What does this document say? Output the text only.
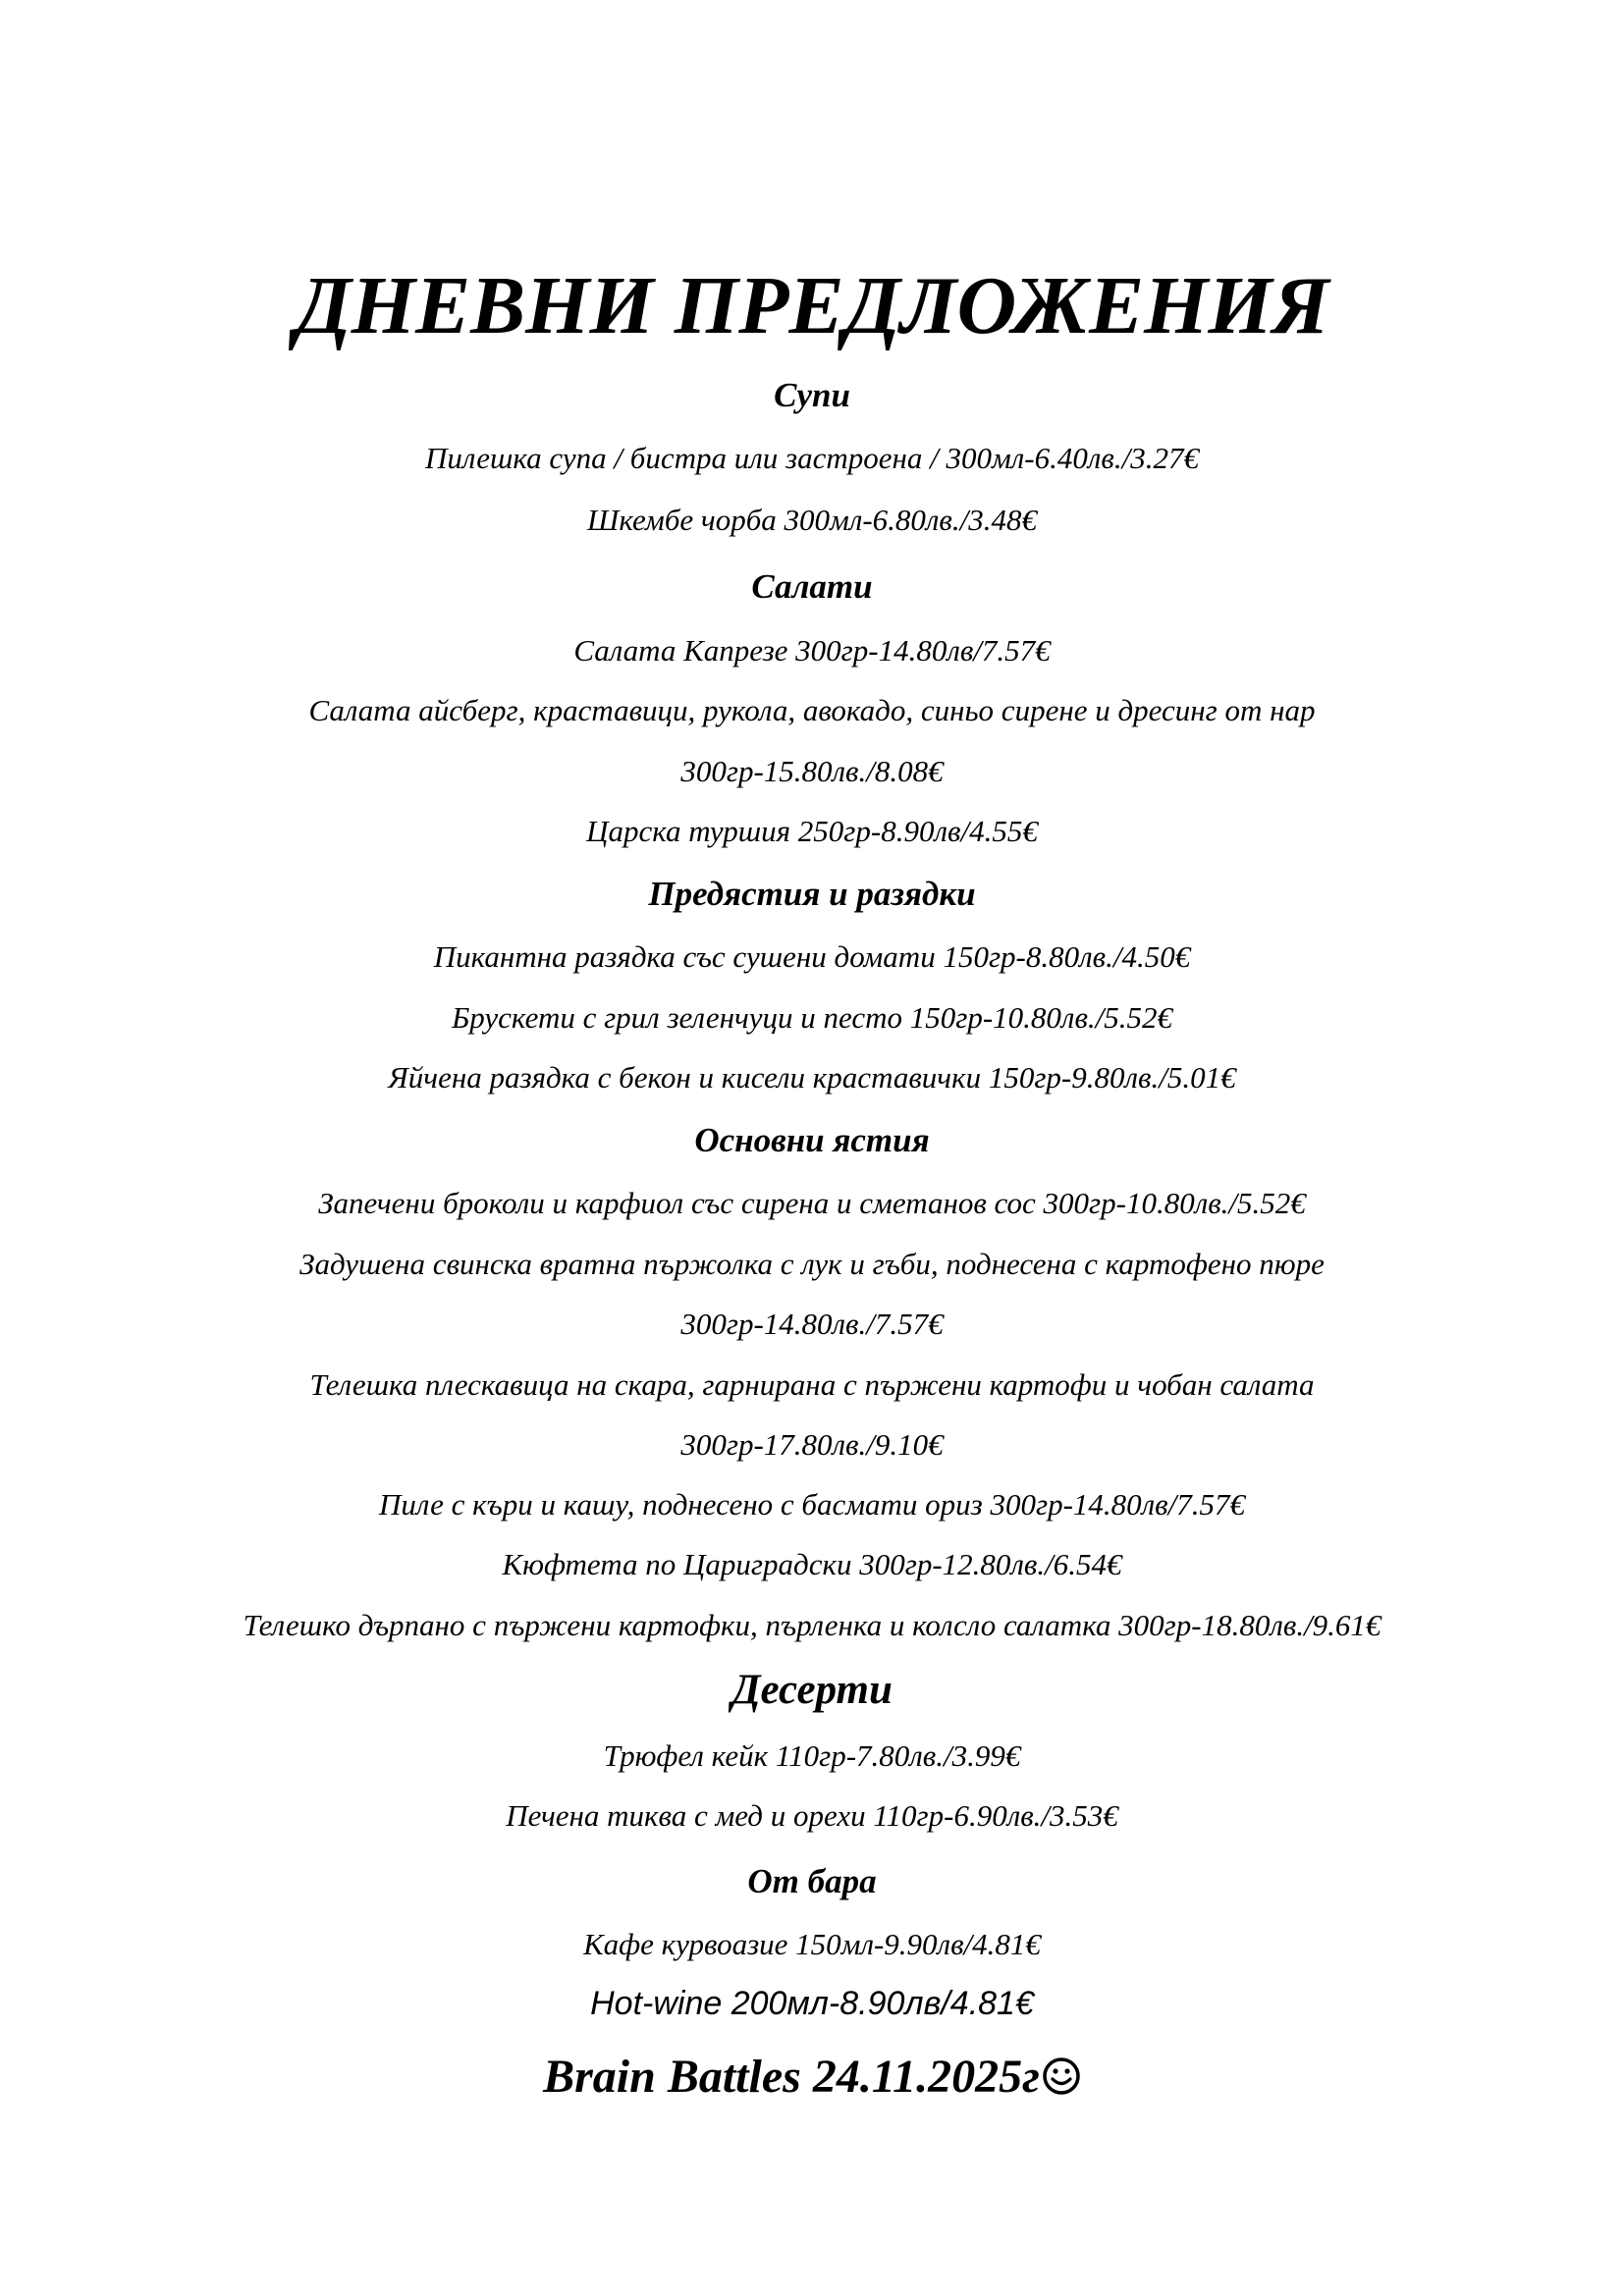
ДНЕВНИ ПРЕДЛОЖЕНИЯ
Супи
Пилешка супа / бистра или застроена / 300мл-6.40лв./3.27€
Шкембе чорба 300мл-6.80лв./3.48€
Салати
Салата Капрезе 300гр-14.80лв/7.57€
Салата айсберг, краставици, рукола, авокадо, синьо сирене и дресинг от нар
300гр-15.80лв./8.08€
Царска туршия 250гр-8.90лв/4.55€
Предястия и разядки
Пикантна разядка със сушени домати 150гр-8.80лв./4.50€
Брускети с грил зеленчуци и песто 150гр-10.80лв./5.52€
Яйчена разядка с бекон и кисели краставички 150гр-9.80лв./5.01€
Основни ястия
Запечени броколи и карфиол със сирена и сметанов сос 300гр-10.80лв./5.52€
Задушена свинска вратна пържолка с лук и гъби, поднесена с картофено пюре
300гр-14.80лв./7.57€
Телешка плескавица на скара, гарнирана с пържени картофи и чобан салата
300гр-17.80лв./9.10€
Пиле с къри и кашу, поднесено с басмати ориз 300гр-14.80лв/7.57€
Кюфтета по Цариградски 300гр-12.80лв./6.54€
Телешко дърпано с пържени картофки, пърленка и колсло салатка 300гр-18.80лв./9.61€
Десерти
Трюфел кейк 110гр-7.80лв./3.99€
Печена тиква с мед и орехи 110гр-6.90лв./3.53€
От бара
Кафе курвоазие 150мл-9.90лв/4.81€
Hot-wine 200мл-8.90лв/4.81€
Brain Battles 24.11.2025г
